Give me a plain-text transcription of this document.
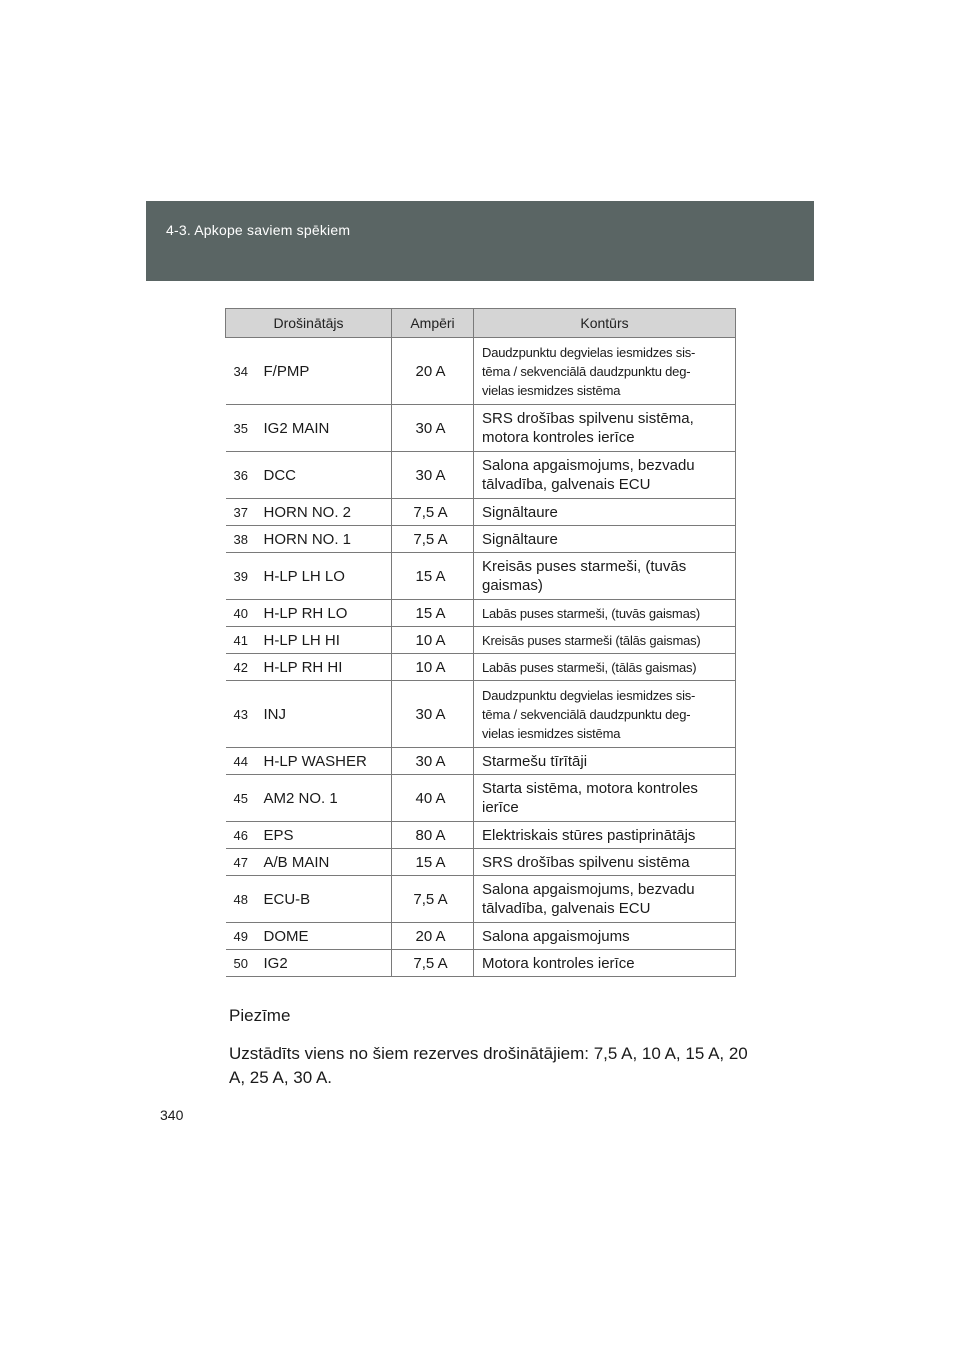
4-3. Apkope saviem spēkiem
Drošinātājs		Ampēri	Kontūrs
34	F/PMP	20 A	Daudzpunktu degvielas iesmidzes sis-
tēma / sekvenciālā daudzpunktu deg-
vielas iesmidzes sistēma
35	IG2 MAIN	30 A	SRS drošības spilvenu sistēma,
motora kontroles ierīce
36	DCC	30 A	Salona apgaismojums, bezvadu
tālvadība, galvenais ECU
37	HORN NO. 2	7,5 A	Signāltaure
38	HORN NO. 1	7,5 A	Signāltaure
39	H-LP LH LO	15 A	Kreisās puses starmeši, (tuvās
gaismas)
40	H-LP RH LO	15 A	Labās puses starmeši, (tuvās gaismas)
41	H-LP LH HI	10 A	Kreisās puses starmeši (tālās gaismas)
42	H-LP RH HI	10 A	Labās puses starmeši, (tālās gaismas)
43	INJ	30 A	Daudzpunktu degvielas iesmidzes sis-
tēma / sekvenciālā daudzpunktu deg-
vielas iesmidzes sistēma
44	H-LP WASHER	30 A	Starmešu tīrītāji
45	AM2 NO. 1	40 A	Starta sistēma, motora kontroles
ierīce
46	EPS	80 A	Elektriskais stūres pastiprinātājs
47	A/B MAIN	15 A	SRS drošības spilvenu sistēma
48	ECU-B	7,5 A	Salona apgaismojums, bezvadu
tālvadība, galvenais ECU
49	DOME	20 A	Salona apgaismojums
50	IG2	7,5 A	Motora kontroles ierīce
Piezīme
Uzstādīts viens no šiem rezerves drošinātājiem: 7,5 A, 10 A, 15 A, 20
A, 25 A, 30 A.
340
